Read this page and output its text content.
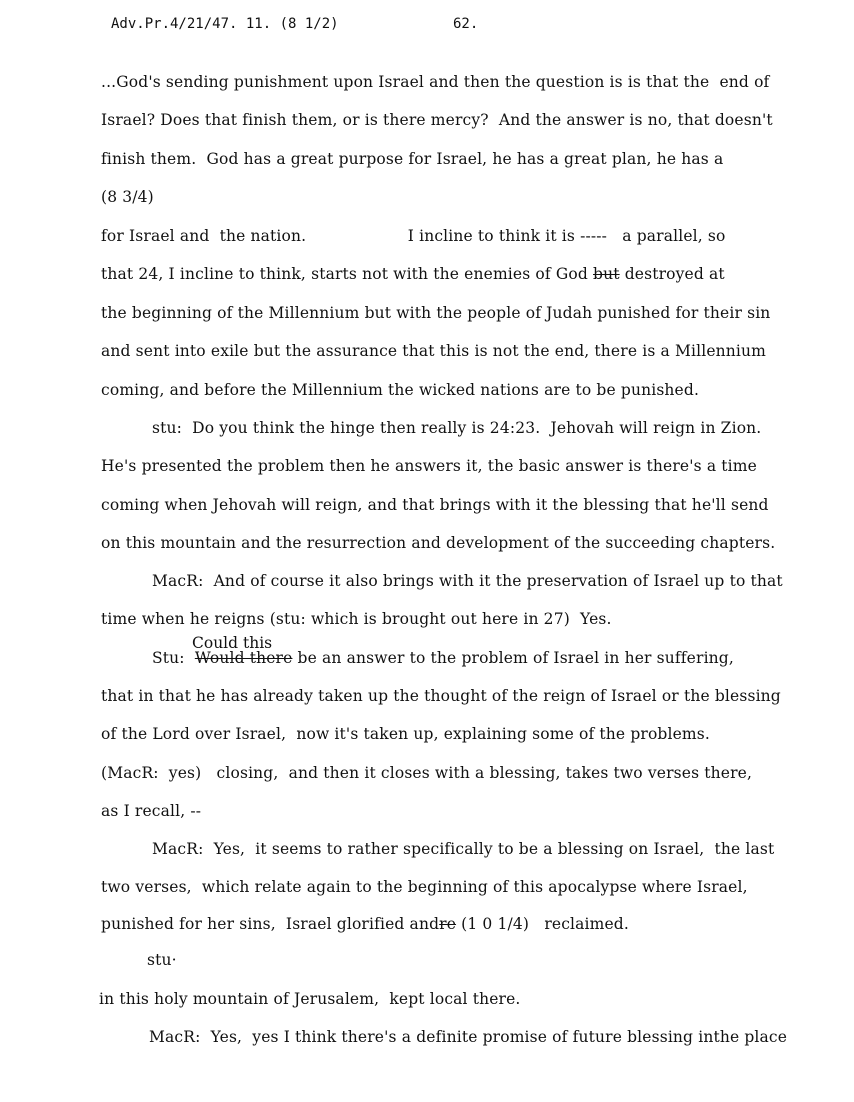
Adv.Pr.4/21/47. 11. (8 1/2)	62.
...God's sending punishment upon Israel and then the question is is that the  end of
Israel? Does that finish them, or is there mercy?  And the answer is no, that doesn't
finish them.  God has a great purpose for Israel, he has a great plan, he has a
(8 3/4)
for Israel and  the nation.                    I incline to think it is -----   a parallel, so
that 24, I incline to think, starts not with the enemies of God but destroyed at
the beginning of the Millennium but with the people of Judah punished for their sin
and sent into exile but the assurance that this is not the end, there is a Millennium
coming, and before the Millennium the wicked nations are to be punished.
stu:  Do you think the hinge then really is 24:23.  Jehovah will reign in Zion.
He's presented the problem then he answers it, the basic answer is there's a time
coming when Jehovah will reign, and that brings with it the blessing that he'll send
on this mountain and the resurrection and development of the succeeding chapters.
MacR:  And of course it also brings with it the preservation of Israel up to that
time when he reigns (stu: which is brought out here in 27)  Yes.
Could this
Stu:  Would there be an answer to the problem of Israel in her suffering,
that in that he has already taken up the thought of the reign of Israel or the blessing
of the Lord over Israel,  now it's taken up, explaining some of the problems.
(MacR:  yes)   closing,  and then it closes with a blessing, takes two verses there,
as I recall, --
MacR:  Yes,  it seems to rather specifically to be a blessing on Israel,  the last
two verses,  which relate again to the beginning of this apocalypse where Israel,
punished for her sins,  Israel glorified andre (1 0 1/4)   reclaimed.
stu·
in this holy mountain of Jerusalem,  kept local there.
MacR:  Yes,  yes I think there's a definite promise of future blessing inthe place
